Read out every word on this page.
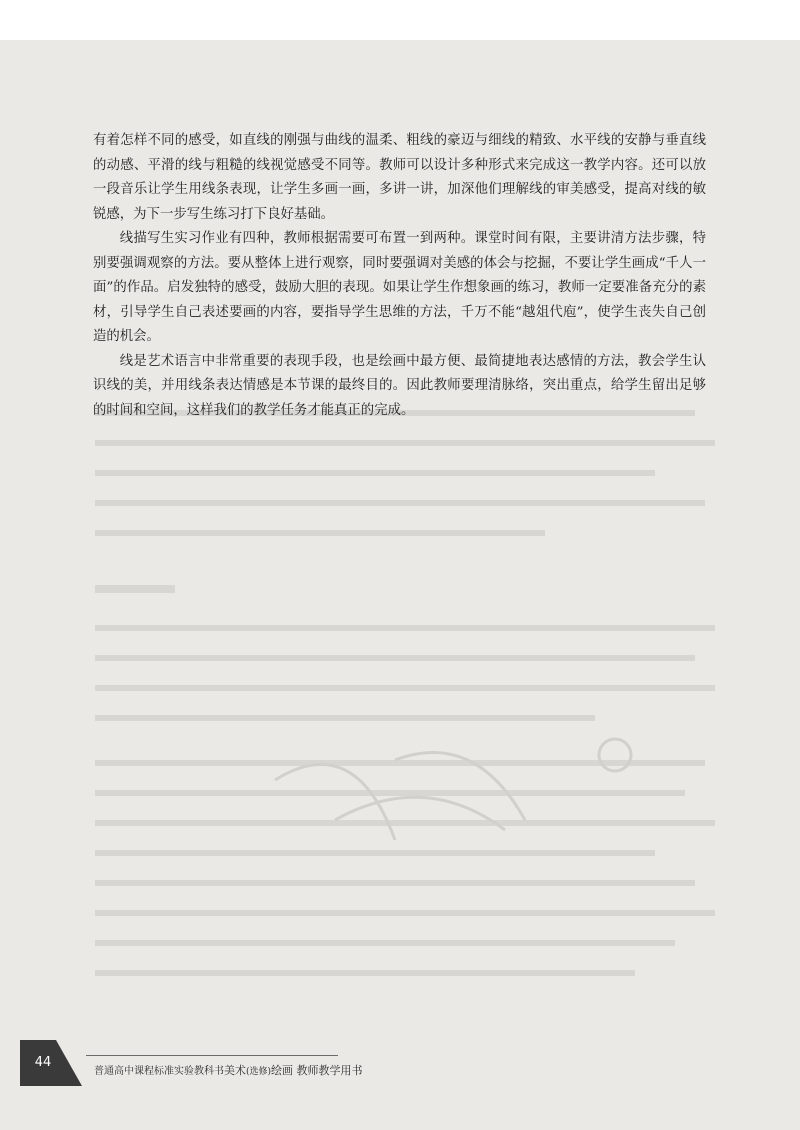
有着怎样不同的感受，如直线的刚强与曲线的温柔、粗线的豪迈与细线的精致、水平线的安静与垂直线的动感、平滑的线与粗糙的线视觉感受不同等。教师可以设计多种形式来完成这一教学内容。还可以放一段音乐让学生用线条表现，让学生多画一画，多讲一讲，加深他们理解线的审美感受，提高对线的敏锐感，为下一步写生练习打下良好基础。

线描写生实习作业有四种，教师根据需要可布置一到两种。课堂时间有限，主要讲清方法步骤，特别要强调观察的方法。要从整体上进行观察，同时要强调对美感的体会与挖掘，不要让学生画成“千人一面”的作品。启发独特的感受，鼓励大胆的表现。如果让学生作想象画的练习，教师一定要准备充分的素材，引导学生自己表述要画的内容，要指导学生思维的方法，千万不能“越俎代庖”，使学生丧失自己创造的机会。

线是艺术语言中非常重要的表现手段，也是绘画中最方便、最简捷地表达感情的方法，教会学生认识线的美，并用线条表达情感是本节课的最终目的。因此教师要理清脉络，突出重点，给学生留出足够的时间和空间，这样我们的教学任务才能真正的完成。

44
普通高中课程标准实验教科书美术(选修)绘画 教师教学用书
